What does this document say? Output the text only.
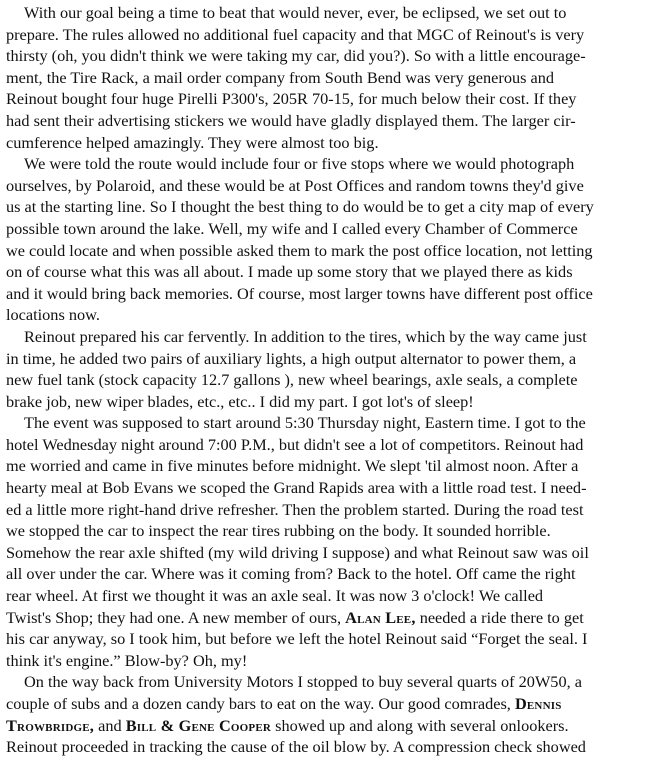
With our goal being a time to beat that would never, ever, be eclipsed, we set out to
prepare. The rules allowed no additional fuel capacity and that MGC of Reinout's is very
thirsty (oh, you didn't think we were taking my car, did you?). So with a little encourage-
ment, the Tire Rack, a mail order company from South Bend was very generous and
Reinout bought four huge Pirelli P300's, 205R 70-15, for much below their cost. If they
had sent their advertising stickers we would have gladly displayed them. The larger cir-
cumference helped amazingly. They were almost too big.

We were told the route would include four or five stops where we would photograph
ourselves, by Polaroid, and these would be at Post Offices and random towns they'd give
us at the starting line. So I thought the best thing to do would be to get a city map of every
possible town around the lake. Well, my wife and I called every Chamber of Commerce
we could locate and when possible asked them to mark the post office location, not letting
on of course what this was all about. I made up some story that we played there as kids
and it would bring back memories. Of course, most larger towns have different post office
locations now.

Reinout prepared his car fervently. In addition to the tires, which by the way came just
in time, he added two pairs of auxiliary lights, a high output alternator to power them, a
new fuel tank (stock capacity 12.7 gallons ), new wheel bearings, axle seals, a complete
brake job, new wiper blades, etc., etc.. I did my part. I got lot's of sleep!

The event was supposed to start around 5:30 Thursday night, Eastern time. I got to the
hotel Wednesday night around 7:00 P.M., but didn't see a lot of competitors. Reinout had
me worried and came in five minutes before midnight. We slept 'til almost noon. After a
hearty meal at Bob Evans we scoped the Grand Rapids area with a little road test. I need-
ed a little more right-hand drive refresher. Then the problem started. During the road test
we stopped the car to inspect the rear tires rubbing on the body. It sounded horrible.
Somehow the rear axle shifted (my wild driving I suppose) and what Reinout saw was oil
all over under the car. Where was it coming from? Back to the hotel. Off came the right
rear wheel. At first we thought it was an axle seal. It was now 3 o'clock! We called
Twist's Shop; they had one. A new member of ours, Alan Lee, needed a ride there to get
his car anyway, so I took him, but before we left the hotel Reinout said “Forget the seal. I
think it's engine.” Blow-by? Oh, my!

On the way back from University Motors I stopped to buy several quarts of 20W50, a
couple of subs and a dozen candy bars to eat on the way. Our good comrades, Dennis
Trowbridge, and Bill & Gene Cooper showed up and along with several onlookers.
Reinout proceeded in tracking the cause of the oil blow by. A compression check showed
